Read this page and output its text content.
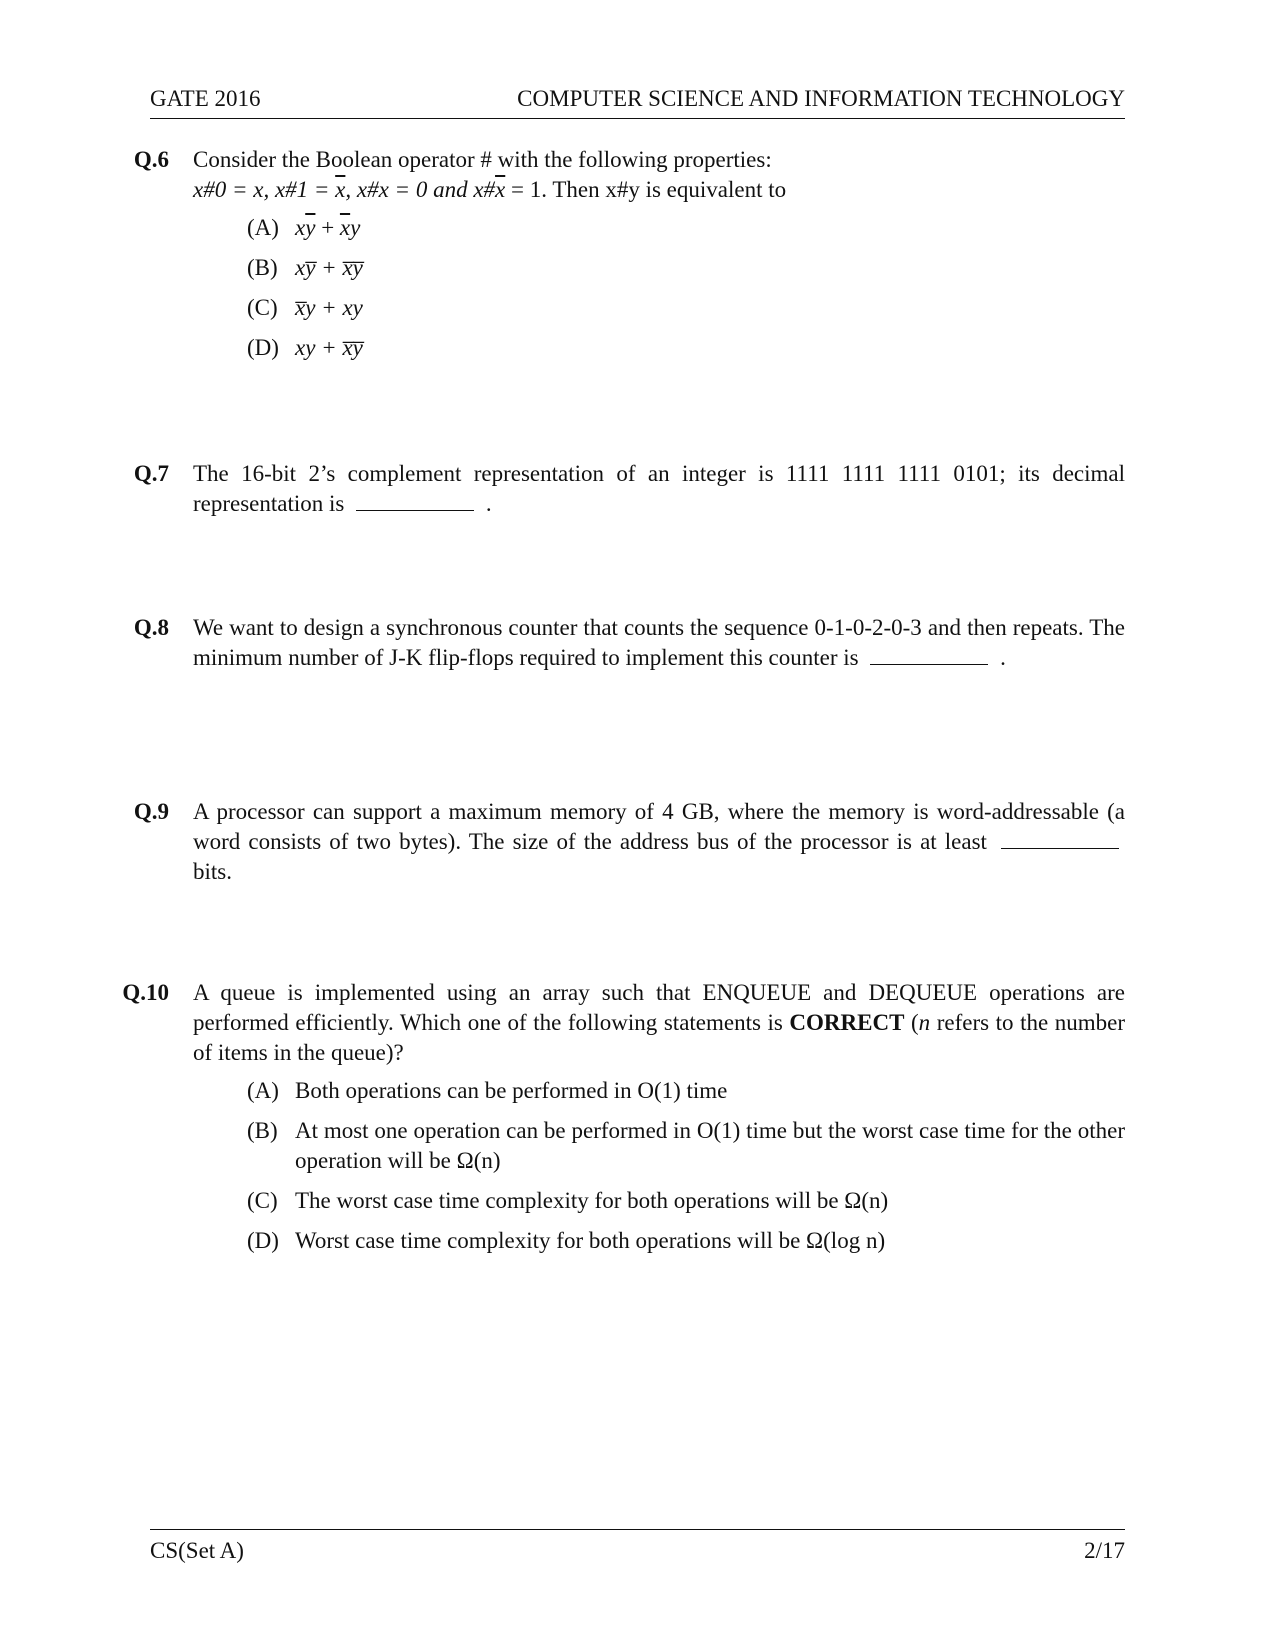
GATE 2016	COMPUTER SCIENCE AND INFORMATION TECHNOLOGY
Q.6 Consider the Boolean operator # with the following properties:
x#0 = x, x#1 = $\overline{x}$, x#x = 0 and $x\#\overline{x} = 1$. Then x#y is equivalent to
(A) $x\overline{y} + \overline{x}y$
(B) xy̅ + x̅y̅
(C) x̅y + xy
(D) xy + x̅y̅
Q.7 The 16-bit 2’s complement representation of an integer is 1111 1111 1111 0101; its decimal representation is	.
Q.8 We want to design a synchronous counter that counts the sequence 0-1-0-2-0-3 and then repeats. The minimum number of J-K flip-flops required to implement this counter is	.
Q.9 A processor can support a maximum memory of 4 GB, where the memory is word-addressable (a word consists of two bytes). The size of the address bus of the processor is at least  bits.
Q.10 A queue is implemented using an array such that ENQUEUE and DEQUEUE operations are performed efficiently. Which one of the following statements is CORRECT (n refers to the number of items in the queue)?
(A) Both operations can be performed in O(1) time
(B) At most one operation can be performed in O(1) time but the worst case time for the other operation will be Ω(n)
(C) The worst case time complexity for both operations will be Ω(n)
(D) Worst case time complexity for both operations will be Ω(log n)
CS(Set A)	2/17
